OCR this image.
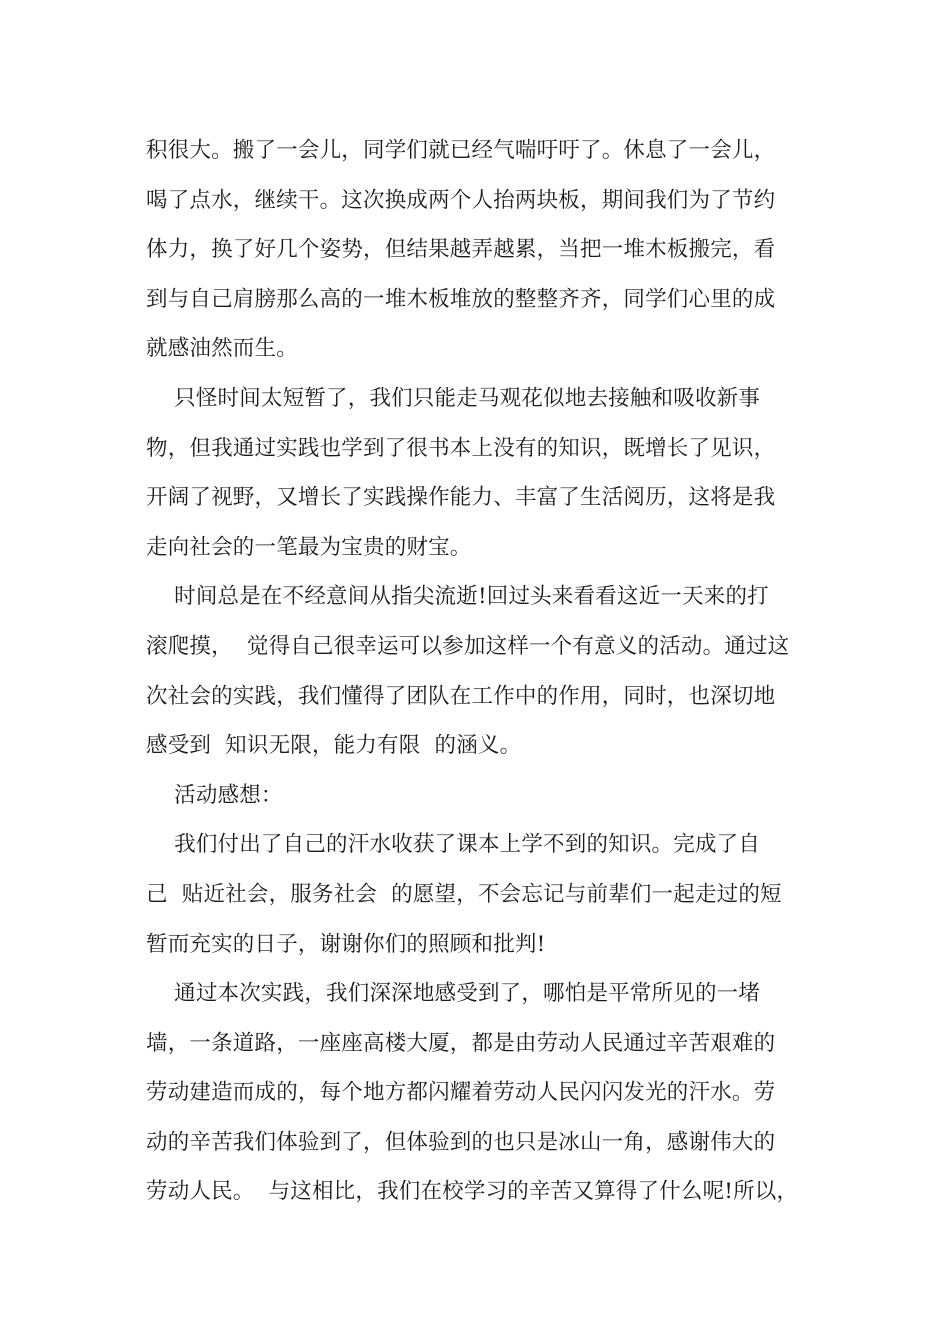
积很大。搬了一会儿，同学们就已经气喘吁吁了。休息了一会儿，
喝了点水，继续干。这次换成两个人抬两块板，期间我们为了节约
体力，换了好几个姿势，但结果越弄越累，当把一堆木板搬完，看
到与自己肩膀那么高的一堆木板堆放的整整齐齐，同学们心里的成
就感油然而生。
只怪时间太短暂了，我们只能走马观花似地去接触和吸收新事
物，但我通过实践也学到了很书本上没有的知识，既增长了见识，
开阔了视野，又增长了实践操作能力、丰富了生活阅历，这将是我
走向社会的一笔最为宝贵的财宝。
时间总是在不经意间从指尖流逝!回过头来看看这近一天来的打
滚爬摸，  觉得自己很幸运可以参加这样一个有意义的活动。通过这
次社会的实践，我们懂得了团队在工作中的作用，同时，也深切地
感受到  知识无限，能力有限  的涵义。
活动感想：
我们付出了自己的汗水收获了课本上学不到的知识。完成了自
己  贴近社会，服务社会  的愿望，不会忘记与前辈们一起走过的短
暂而充实的日子，谢谢你们的照顾和批判!
通过本次实践，我们深深地感受到了，哪怕是平常所见的一堵
墙，一条道路，一座座高楼大厦，都是由劳动人民通过辛苦艰难的
劳动建造而成的，每个地方都闪耀着劳动人民闪闪发光的汗水。劳
动的辛苦我们体验到了，但体验到的也只是冰山一角，感谢伟大的
劳动人民。  与这相比，我们在校学习的辛苦又算得了什么呢!所以，
